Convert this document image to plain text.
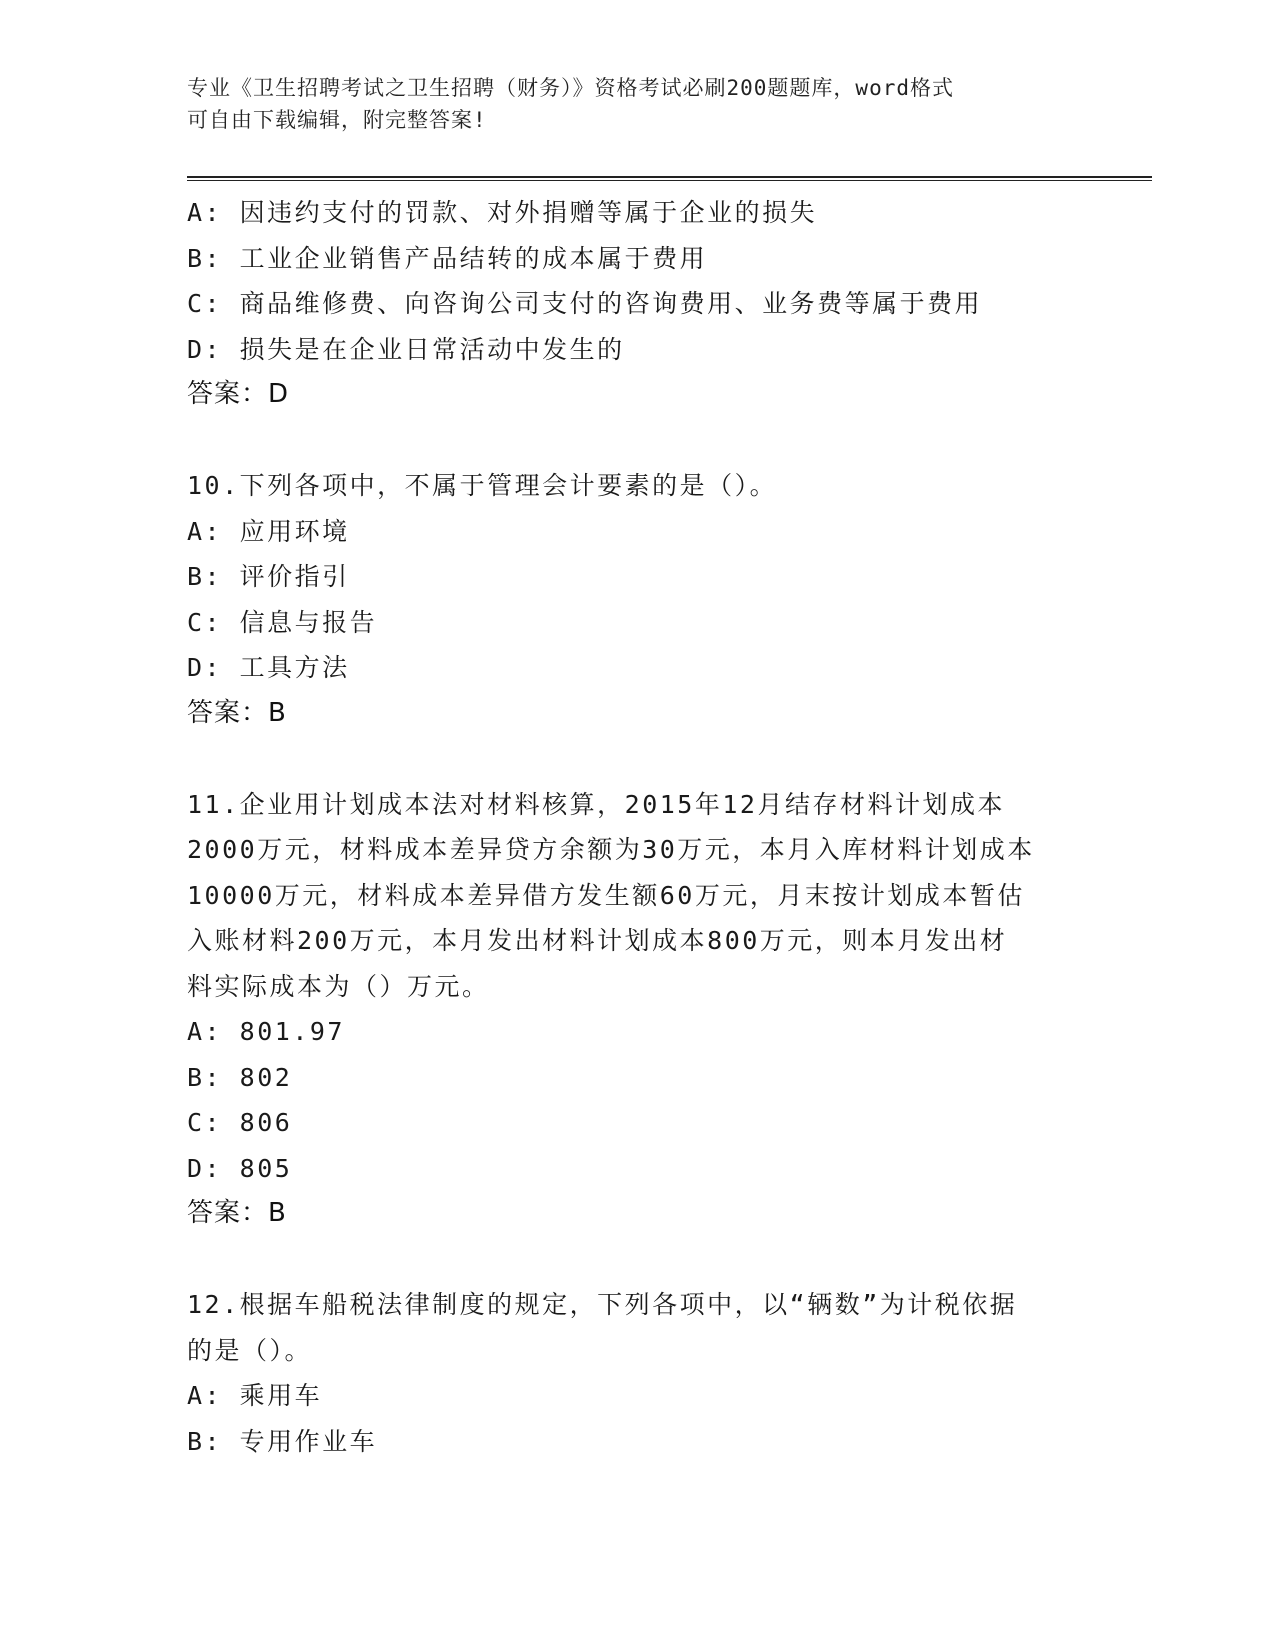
专业《卫生招聘考试之卫生招聘（财务）》资格考试必刷200题题库，word格式
可自由下载编辑，附完整答案!
A: 因违约支付的罚款、对外捐赠等属于企业的损失
B: 工业企业销售产品结转的成本属于费用
C: 商品维修费、向咨询公司支付的咨询费用、业务费等属于费用
D: 损失是在企业日常活动中发生的
答案：D
10.下列各项中，不属于管理会计要素的是（）。
A: 应用环境
B: 评价指引
C: 信息与报告
D: 工具方法
答案：B
11.企业用计划成本法对材料核算，2015年12月结存材料计划成本
2000万元，材料成本差异贷方余额为30万元，本月入库材料计划成本
10000万元，材料成本差异借方发生额60万元，月末按计划成本暂估
入账材料200万元，本月发出材料计划成本800万元，则本月发出材
料实际成本为（）万元。
A: 801.97
B: 802
C: 806
D: 805
答案：B
12.根据车船税法律制度的规定，下列各项中，以“辆数”为计税依据
的是（）。
A: 乘用车
B: 专用作业车
